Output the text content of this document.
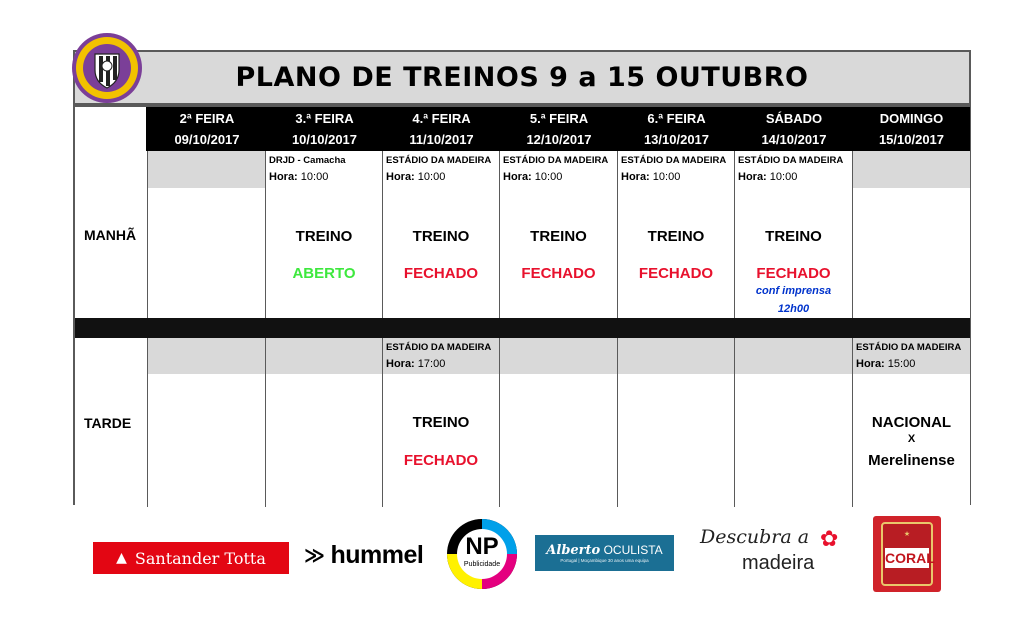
PLANO DE TREINOS 9 a 15 OUTUBRO
2ª FEIRA
09/10/2017
3.ª FEIRA
10/10/2017
4.ª FEIRA
11/10/2017
5.ª FEIRA
12/10/2017
6.ª FEIRA
13/10/2017
SÁBADO
14/10/2017
DOMINGO
15/10/2017
MANHÃ
DRJD - Camacha
Hora: 10:00
ESTÁDIO DA MADEIRA
Hora: 10:00
ESTÁDIO DA MADEIRA
Hora: 10:00
ESTÁDIO DA MADEIRA
Hora: 10:00
ESTÁDIO DA MADEIRA
Hora: 10:00
TREINO
ABERTO
TREINO
FECHADO
TREINO
FECHADO
TREINO
FECHADO
TREINO
FECHADO
conf imprensa
12h00
TARDE
ESTÁDIO DA MADEIRA
Hora: 17:00
ESTÁDIO DA MADEIRA
Hora: 15:00
TREINO
FECHADO
NACIONAL
X
Merelinense
▲ Santander Totta ≫ hummel	NP
Publicidade
Alberto OCULISTA
Portugal | Moçambique 30 anos uma equipa
Descubra a
madeira
✿	★
CORAL
